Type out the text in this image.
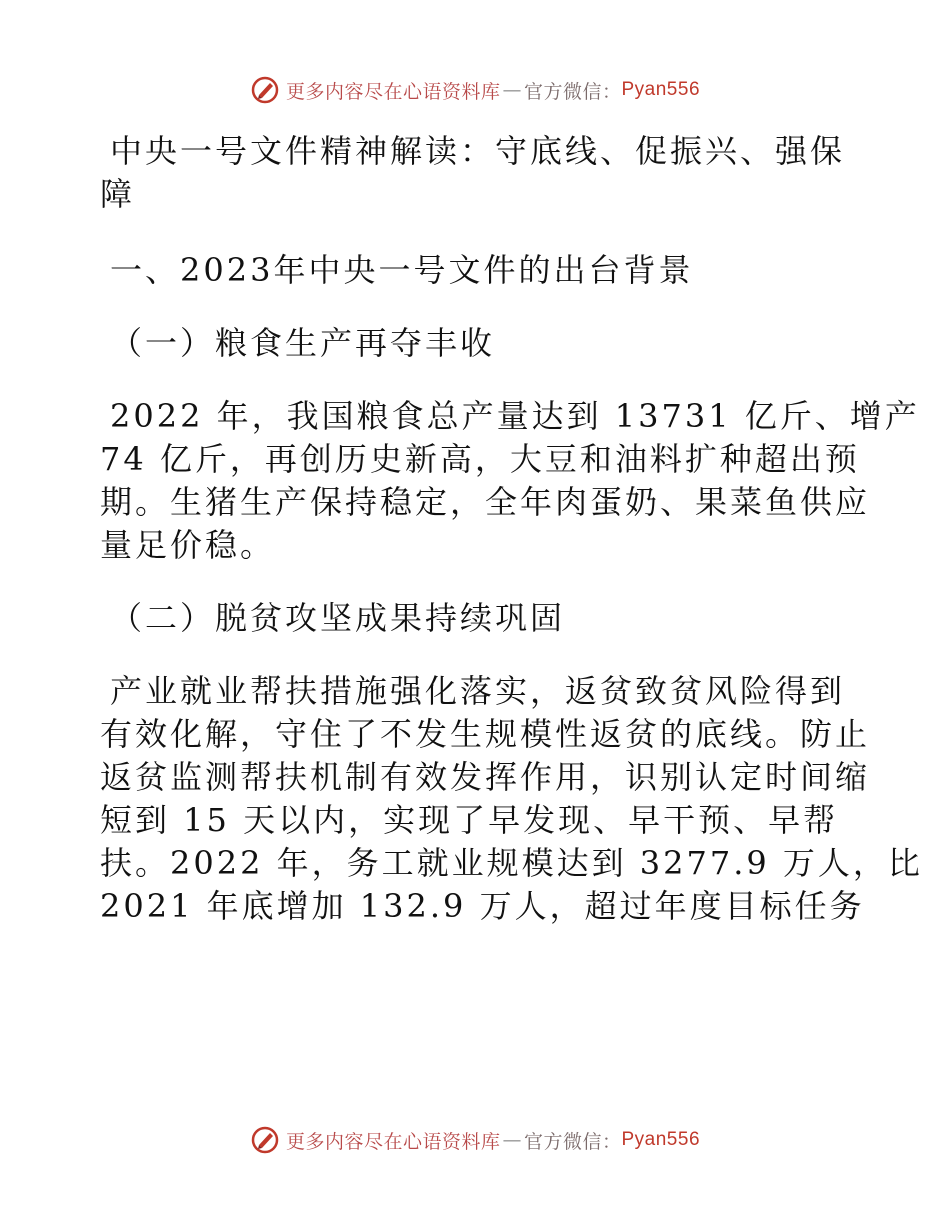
更多内容尽在心语资料库 — 官方微信： Pyan556
中央一号文件精神解读：守底线、促振兴、强保
障
一、2023年中央一号文件的出台背景
（一）粮食生产再夺丰收
2022 年，我国粮食总产量达到 13731 亿斤、增产
74 亿斤，再创历史新高，大豆和油料扩种超出预
期。生猪生产保持稳定，全年肉蛋奶、果菜鱼供应
量足价稳。
（二）脱贫攻坚成果持续巩固
产业就业帮扶措施强化落实，返贫致贫风险得到
有效化解，守住了不发生规模性返贫的底线。防止
返贫监测帮扶机制有效发挥作用，识别认定时间缩
短到 15 天以内，实现了早发现、早干预、早帮
扶。2022 年，务工就业规模达到 3277.9 万人，比
2021 年底增加 132.9 万人，超过年度目标任务
更多内容尽在心语资料库 — 官方微信： Pyan556
